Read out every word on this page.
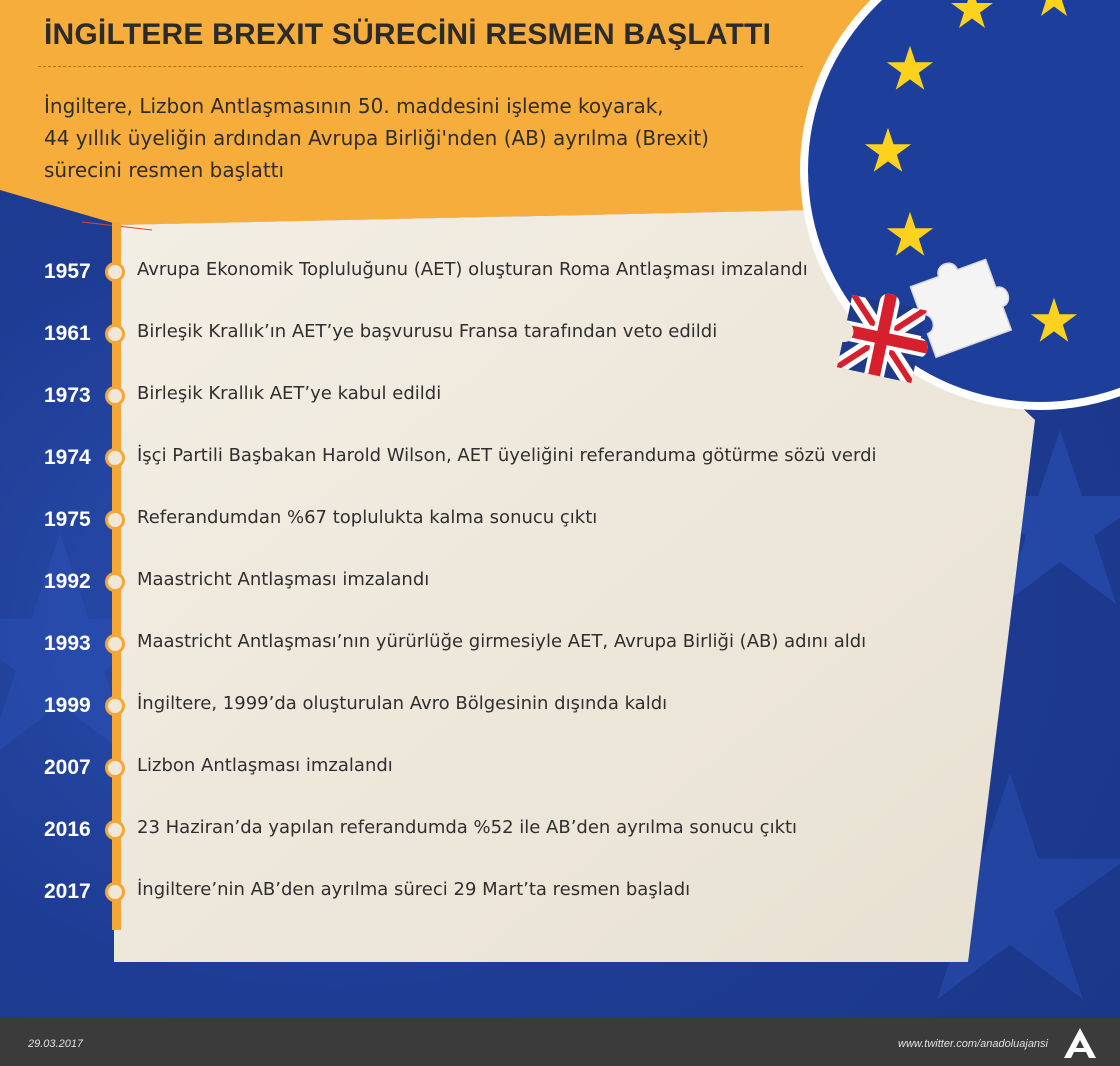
İNGİLTERE BREXIT SÜRECİNİ RESMEN BAŞLATTI

İngiltere, Lizbon Antlaşmasının 50. maddesini işleme koyarak,
44 yıllık üyeliğin ardından Avrupa Birliği'nden (AB) ayrılma (Brexit)
sürecini resmen başlattı

1957	Avrupa Ekonomik Topluluğunu (AET) oluşturan Roma Antlaşması imzalandı
1961	Birleşik Krallık’ın AET’ye başvurusu Fransa tarafından veto edildi
1973	Birleşik Krallık AET’ye kabul edildi
1974	İşçi Partili Başbakan Harold Wilson, AET üyeliğini referanduma götürme sözü verdi
1975	Referandumdan %67 toplulukta kalma sonucu çıktı
1992	Maastricht Antlaşması imzalandı
1993	Maastricht Antlaşması’nın yürürlüğe girmesiyle AET, Avrupa Birliği (AB) adını aldı
1999	İngiltere, 1999’da oluşturulan Avro Bölgesinin dışında kaldı
2007	Lizbon Antlaşması imzalandı
2016	23 Haziran’da yapılan referandumda %52 ile AB’den ayrılma sonucu çıktı
2017	İngiltere’nin AB’den ayrılma süreci 29 Mart’ta resmen başladı
29.03.2017	www.twitter.com/anadoluajansi
